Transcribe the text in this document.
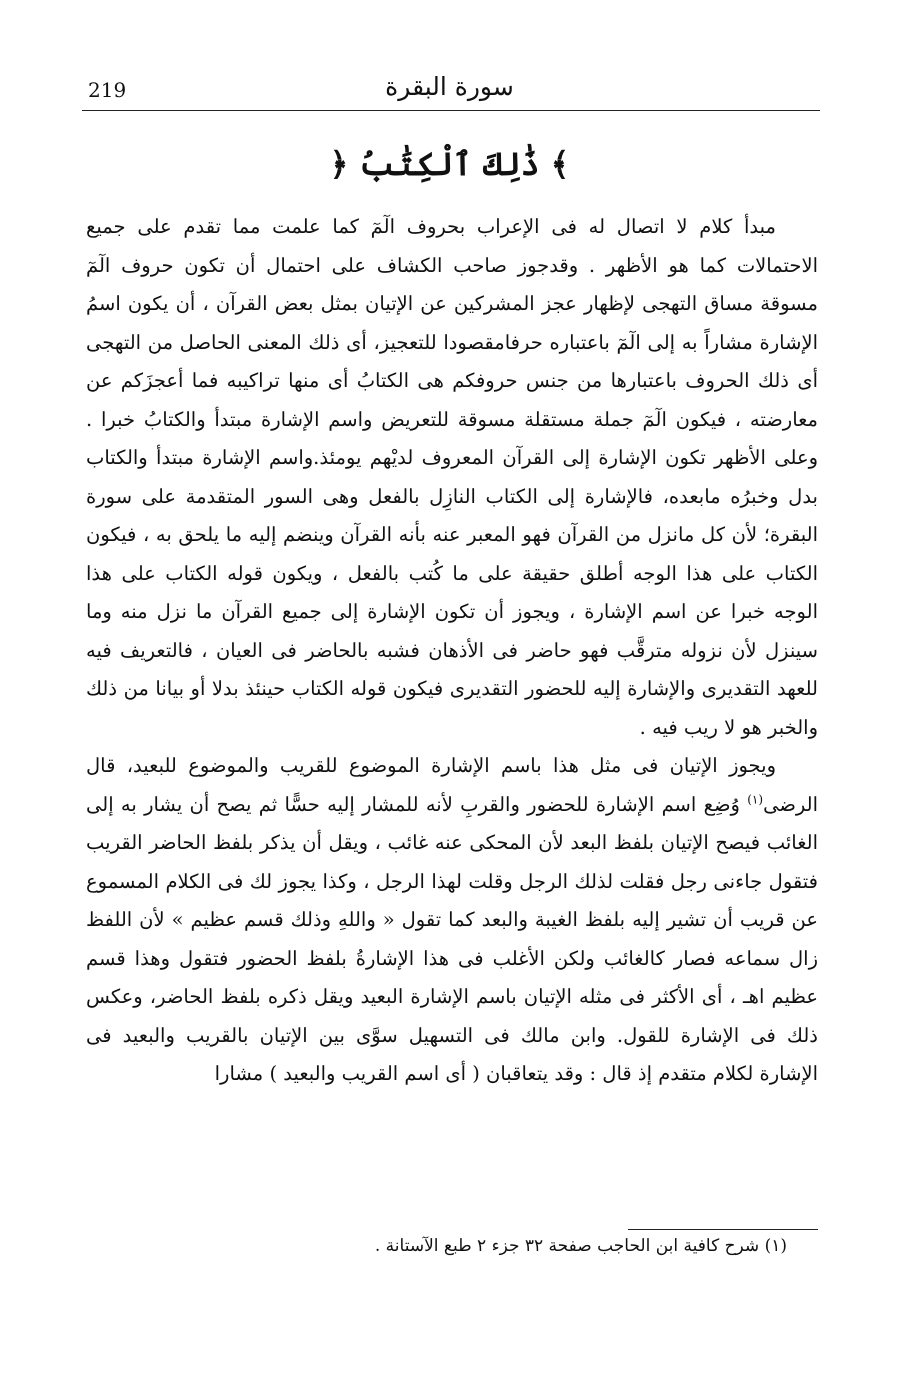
219	سورة البقرة
﴿ ذَٰلِكَ ٱلْكِتَٰبُ ﴾

مبدأ كلام لا اتصال له فى الإعراب بحروف الٓمٓ كما علمت مما تقدم على جميع الاحتمالات كما هو الأظهر . وقدجوز صاحب الكشاف على احتمال أن تكون حروف الٓمٓ مسوقة مساق التهجى لإظهار عجز المشركين عن الإتيان بمثل بعض القرآن ، أن يكون اسمُ الإشارة مشاراً به إلى الٓمٓ باعتباره حرفامقصودا للتعجيز، أى ذلك المعنى الحاصل من التهجى أى ذلك الحروف باعتبارها من جنس حروفكم هى الكتابُ أى منها تراكيبه فما أعجزَكم عن معارضته ، فيكون الٓمٓ جملة مستقلة مسوقة للتعريض واسم الإشارة مبتدأ والكتابُ خبرا . وعلى الأظهر تكون الإشارة إلى القرآن المعروف لديْهم يومئذ.واسم الإشارة مبتدأ والكتاب بدل وخبرُه مابعده، فالإشارة إلى الكتاب النازِل بالفعل وهى السور المتقدمة على سورة البقرة؛ لأن كل مانزل من القرآن فهو المعبر عنه بأنه القرآن وينضم إليه ما يلحق به ، فيكون الكتاب على هذا الوجه أطلق حقيقة على ما كُتب بالفعل ، ويكون قوله الكتاب على هذا الوجه خبرا عن اسم الإشارة ، ويجوز أن تكون الإشارة إلى جميع القرآن ما نزل منه وما سينزل لأن نزوله مترقَّب فهو حاضر فى الأذهان فشبه بالحاضر فى العيان ، فالتعريف فيه للعهد التقديرى والإشارة إليه للحضور التقديرى فيكون قوله الكتاب حينئذ بدلا أو بيانا من ذلك والخبر هو لا ريب فيه .

ويجوز الإتيان فى مثل هذا باسم الإشارة الموضوع للقريب والموضوع للبعيد، قال الرضى$^{(١)}$ وُضِع اسم الإشارة للحضور والقربِ لأنه للمشار إليه حسًّا ثم يصح أن يشار به إلى الغائب فيصح الإتيان بلفظ البعد لأن المحكى عنه غائب ، ويقل أن يذكر بلفظ الحاضر القريب فتقول جاءنى رجل فقلت لذلك الرجل وقلت لهذا الرجل ، وكذا يجوز لك فى الكلام المسموع عن قريب أن تشير إليه بلفظ الغيبة والبعد كما تقول « واللهِ وذلك قسم عظيم » لأن اللفظ زال سماعه فصار كالغائب ولكن الأغلب فى هذا الإشارةُ بلفظ الحضور فتقول وهذا قسم عظيم اهـ ، أى الأكثر فى مثله الإتيان باسم الإشارة البعيد ويقل ذكره بلفظ الحاضر، وعكس ذلك فى الإشارة للقول. وابن مالك فى التسهيل سوَّى بين الإتيان بالقريب والبعيد فى الإشارة لكلام متقدم إذ قال : وقد يتعاقبان ( أى اسم القريب والبعيد ) مشارا

(١) شرح كافية ابن الحاجب صفحة ٣٢ جزء ٢ طبع الآستانة .
